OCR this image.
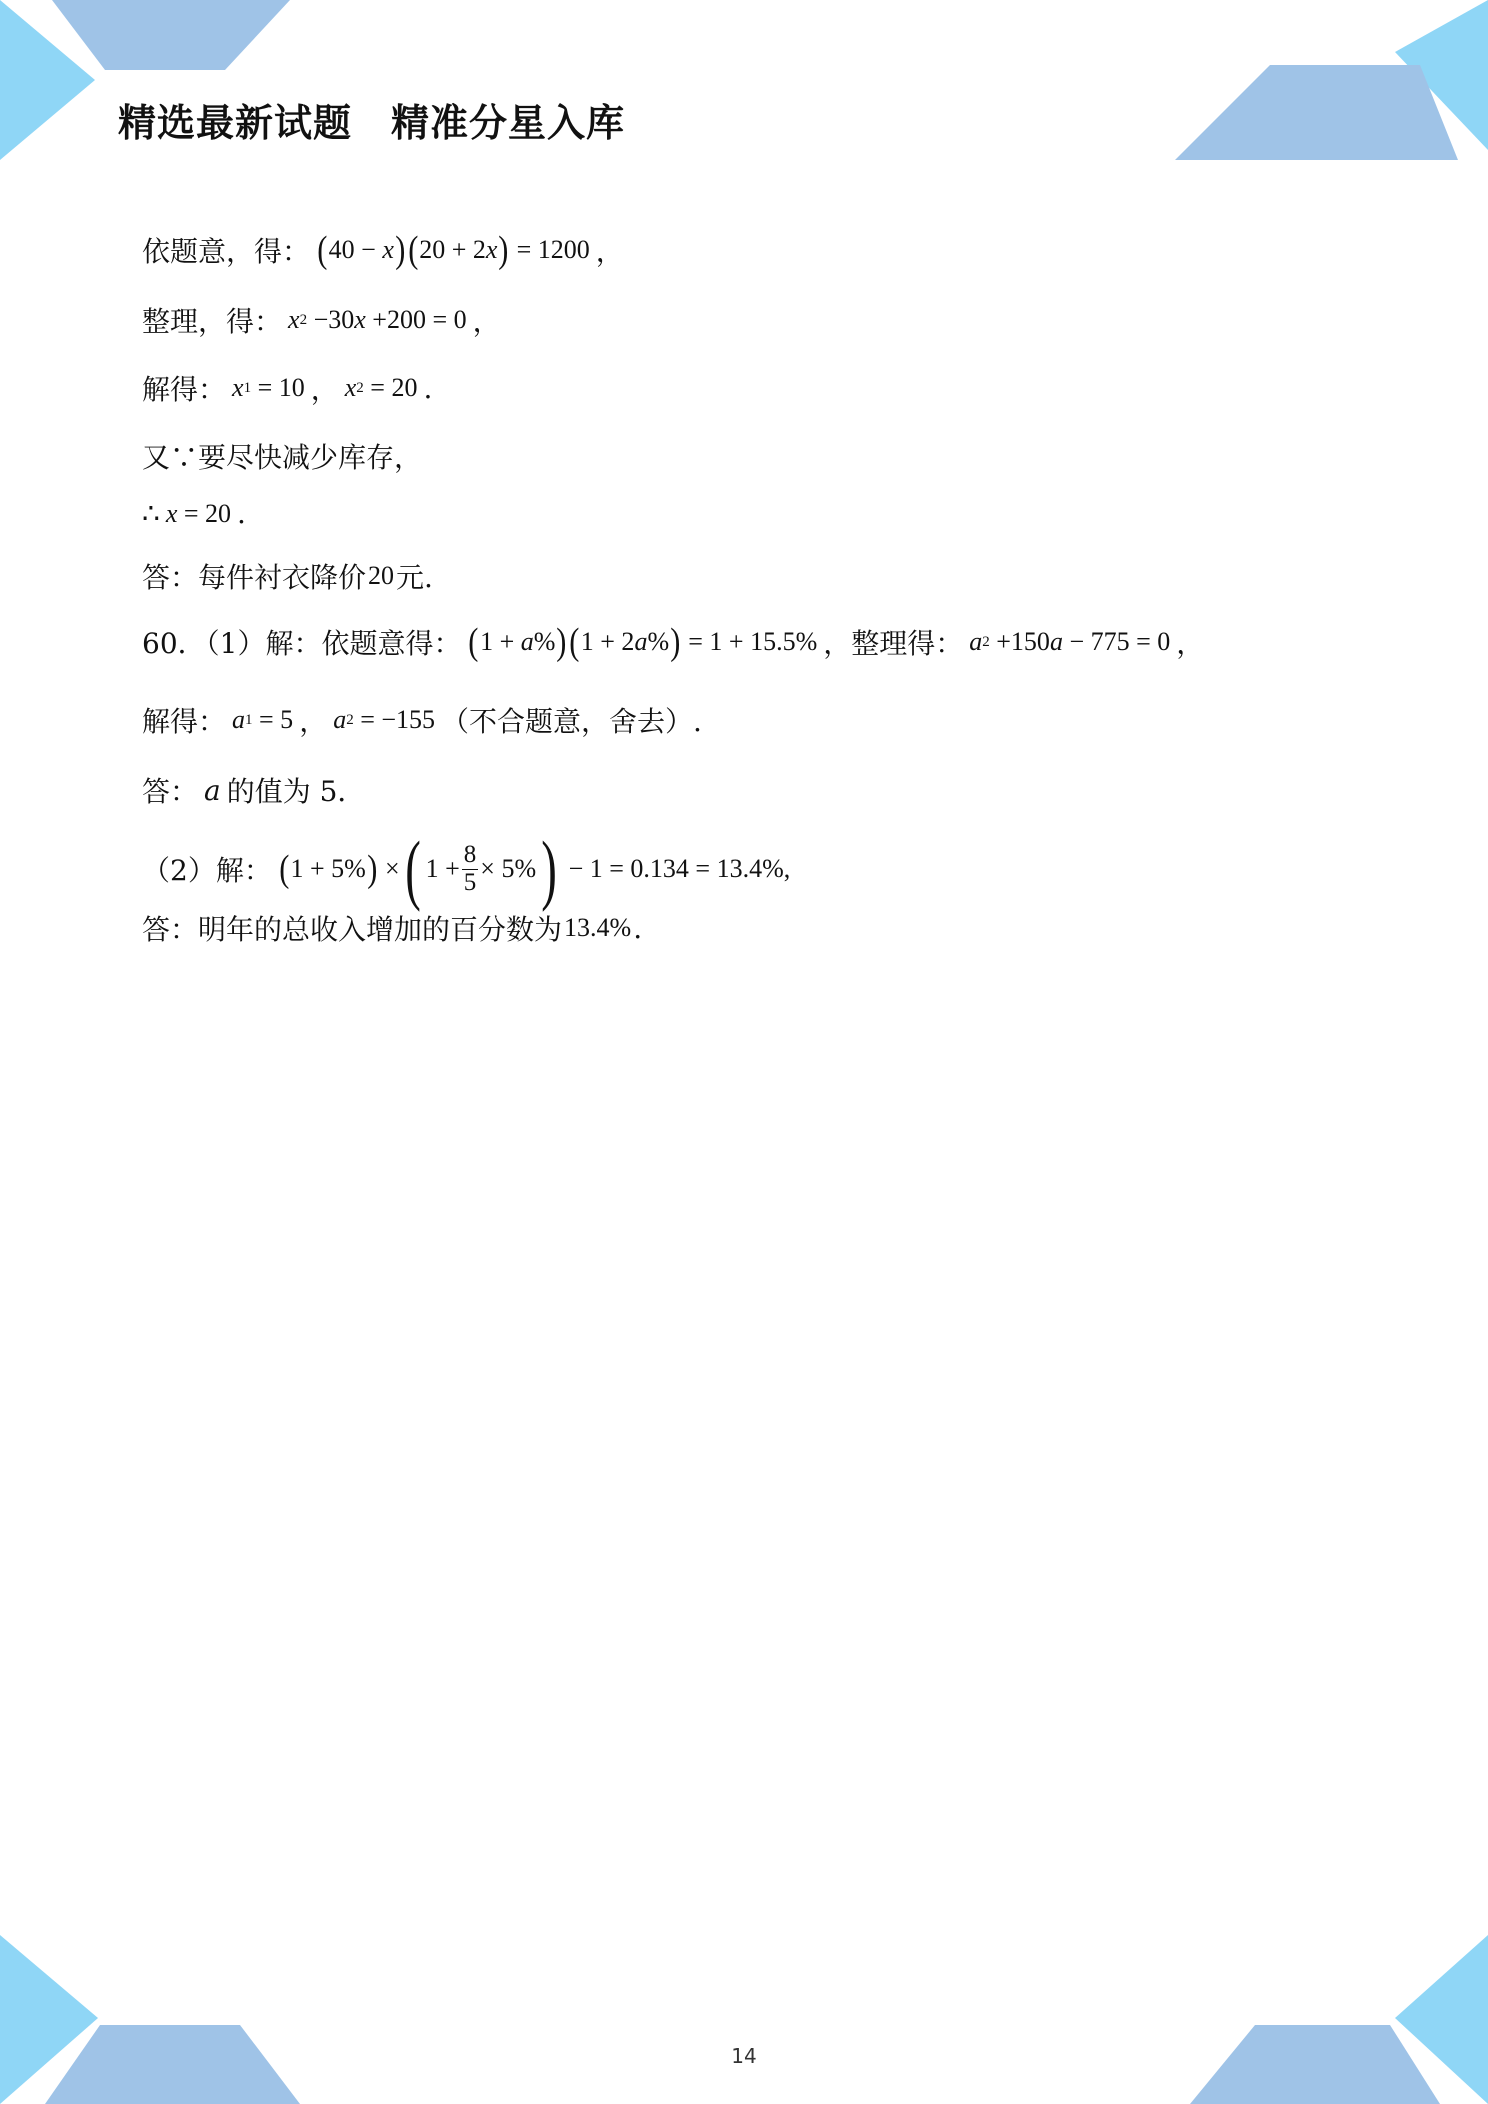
精选最新试题　精准分星入库
依题意，得： ( 40 − x ) ( 20 + 2 x ) = 1200 ，
整理，得： x 2
−30 x
+200 = 0 ，
解得： x 1 = 10 ， x 2 = 20 .
又∵要尽快减少库存，
∴ x
= 20 .
答：每件衬衣降价 20 元.
60．（1）解：依题意得： ( 1 + a % ) ( 1 + 2 a % )
= 1 + 15.5% ，整理得： a 2
+150 a
− 775 = 0 ，
解得： a 1
= 5 ， a 2
= −155 （不合题意，舍去）.
答： a 的值为 5．
（2）解： ( 1 + 5% )
× ( $1 + \frac{8}{5} \times 5\%$ )
− 1 = 0.134 = 13.4%,
答：明年的总收入增加的百分数为 13.4% .
14
